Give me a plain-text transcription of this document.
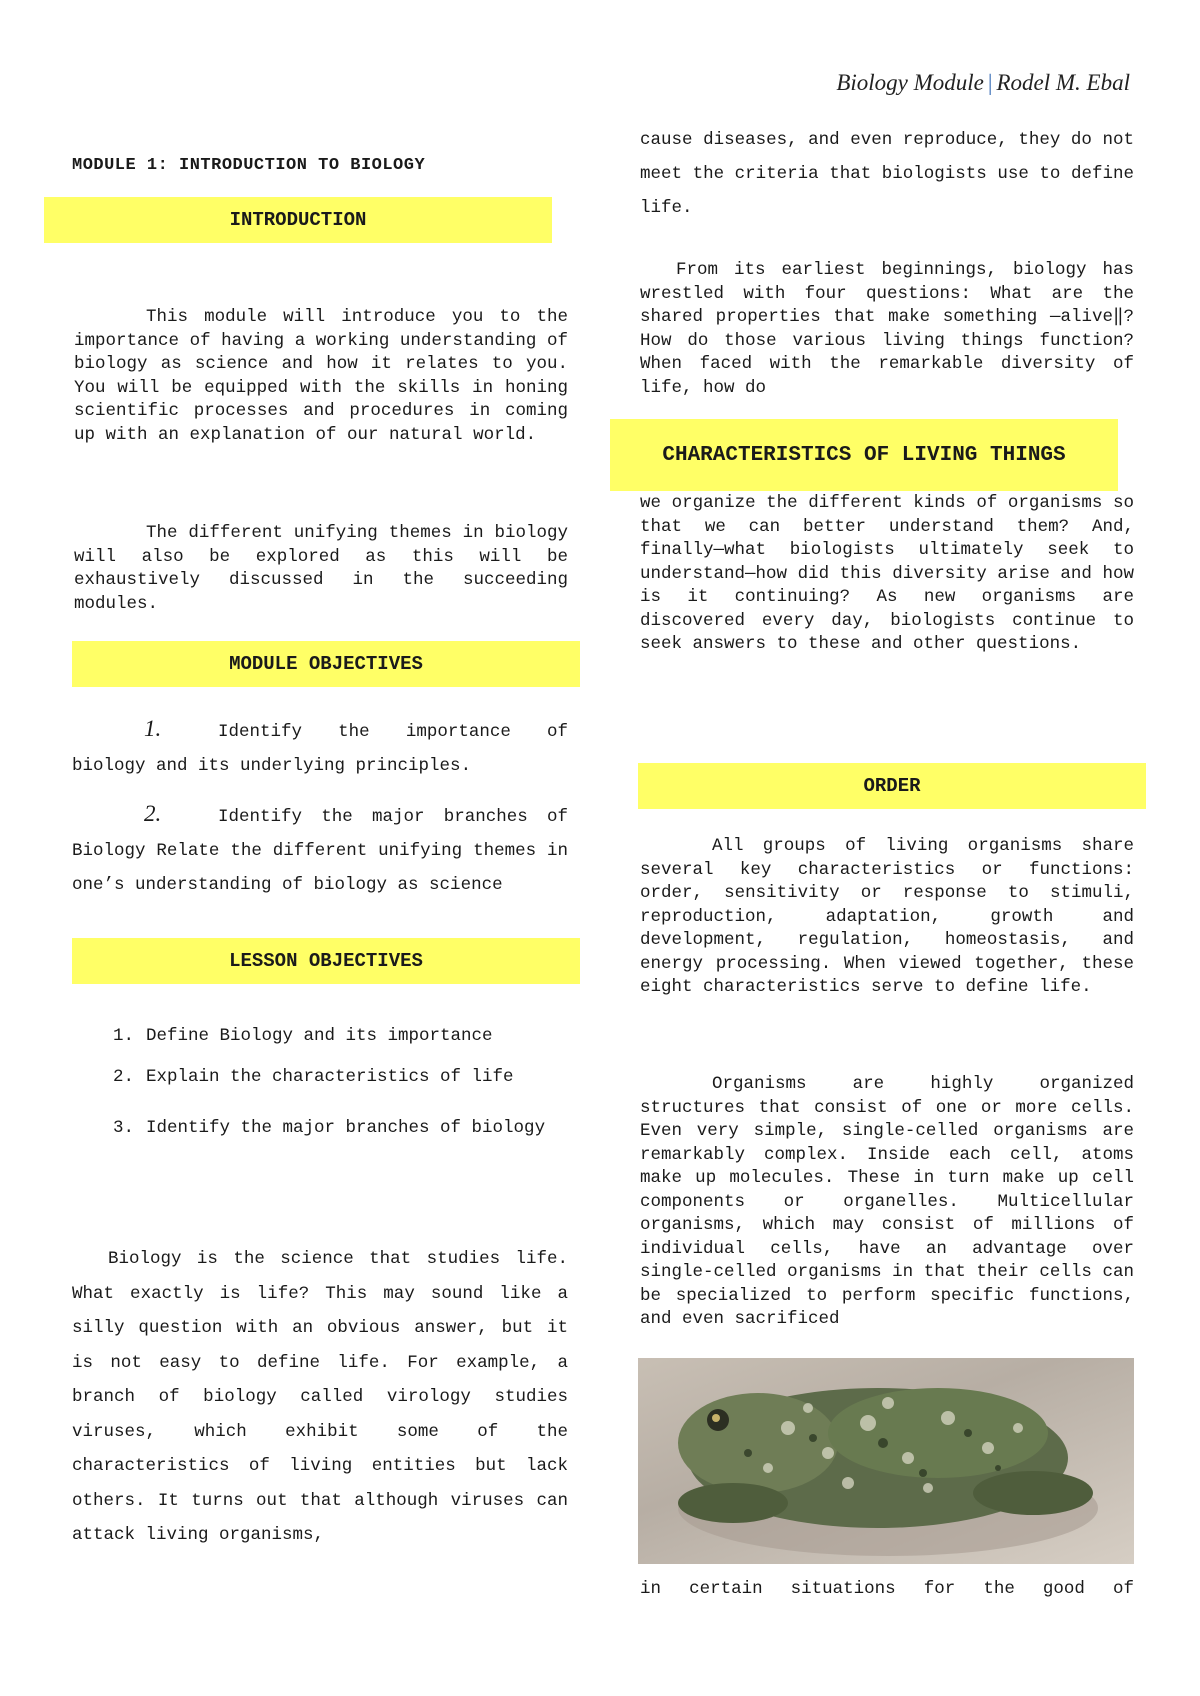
Biology Module | Rodel M. Ebal
MODULE 1: INTRODUCTION TO BIOLOGY
INTRODUCTION

This module will introduce you to the importance of having a working understanding of biology as science and how it relates to you. You will be equipped with the skills in honing scientific processes and procedures in coming up with an explanation of our natural world.

The different unifying themes in biology will also be explored as this will be exhaustively discussed in the succeeding modules.

MODULE OBJECTIVES

1.	Identify the importance of biology and its underlying principles.

2.	Identify the major branches of Biology Relate the different unifying themes in one’s understanding of biology as science

LESSON OBJECTIVES
1. Define Biology and its importance
2. Explain the characteristics of life
3. Identify the major branches of biology

Biology is the science that studies life. What exactly is life? This may sound like a silly question with an obvious answer, but it is not easy to define life. For example, a branch of biology called virology studies viruses, which exhibit some of the characteristics of living entities but lack others. It turns out that although viruses can attack living organisms,

cause diseases, and even reproduce, they do not meet the criteria that biologists use to define life.

From its earliest beginnings, biology has wrestled with four questions: What are the shared properties that make something ―alive‖? How do those various living things function? When faced with the remarkable diversity of life, how do

CHARACTERISTICS OF LIVING THINGS

we organize the different kinds of organisms so that we can better understand them? And, finally—what biologists ultimately seek to understand—how did this diversity arise and how is it continuing? As new organisms are discovered every day, biologists continue to seek answers to these and other questions.

ORDER

All groups of living organisms share several key characteristics or functions: order, sensitivity or response to stimuli, reproduction, adaptation, growth and development, regulation, homeostasis, and energy processing. When viewed together, these eight characteristics serve to define life.

Organisms are highly organized structures that consist of one or more cells. Even very simple, single-celled organisms are remarkably complex. Inside each cell, atoms make up molecules. These in turn make up cell components or organelles. Multicellular organisms, which may consist of millions of individual cells, have an advantage over single-celled organisms in that their cells can be specialized to perform specific functions, and even sacrificed

in certain situations for the good of
